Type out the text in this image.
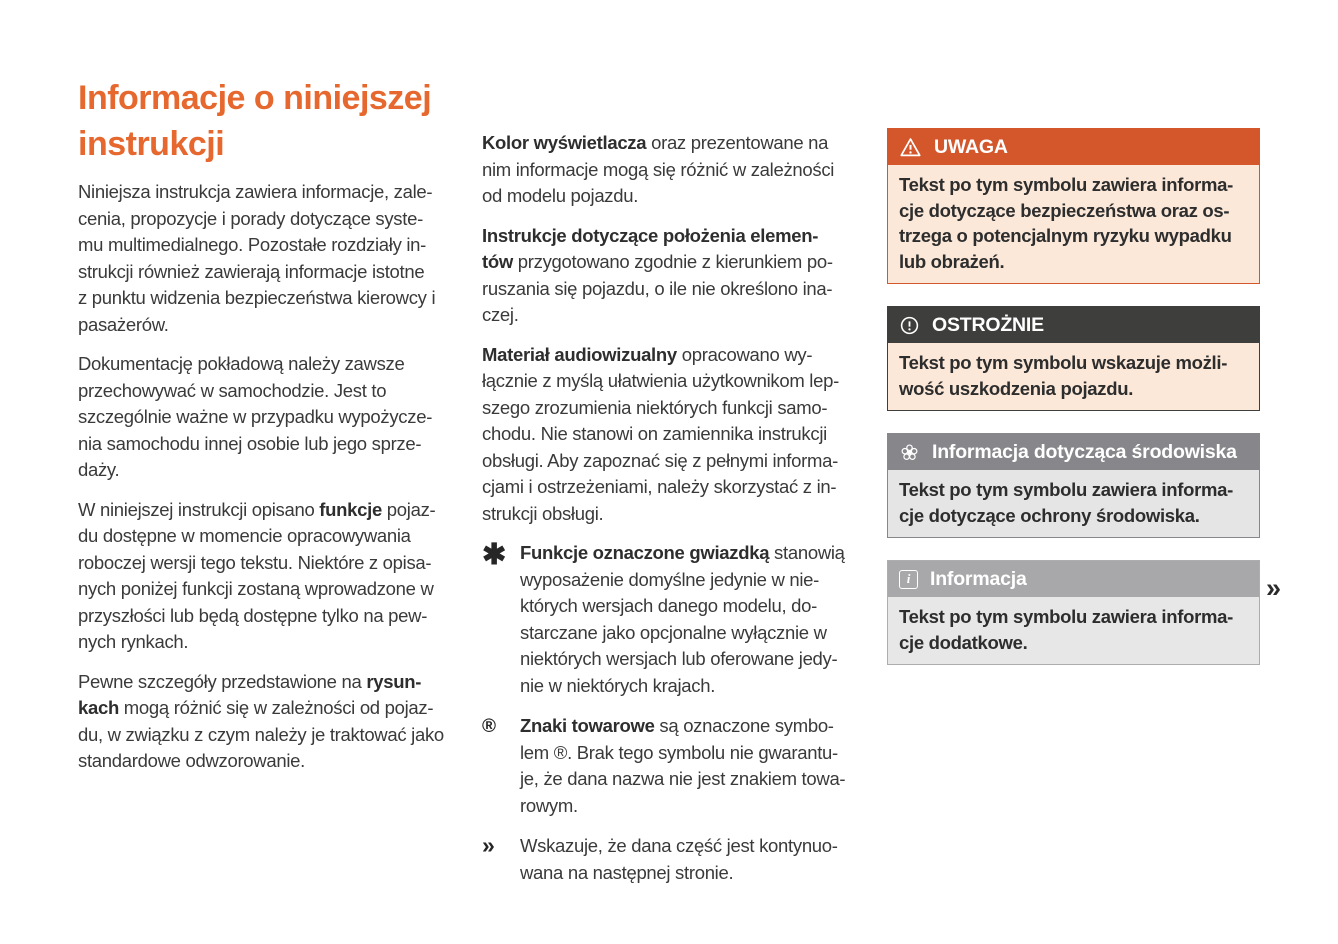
Informacje o niniejszej
instrukcji
Niniejsza instrukcja zawiera informacje, zale-
cenia, propozycje i porady dotyczące syste-
mu multimedialnego. Pozostałe rozdziały in-
strukcji również zawierają informacje istotne
z punktu widzenia bezpieczeństwa kierowcy i
pasażerów.
Dokumentację pokładową należy zawsze
przechowywać w samochodzie. Jest to
szczególnie ważne w przypadku wypożycze-
nia samochodu innej osobie lub jego sprze-
daży.
W niniejszej instrukcji opisano funkcje pojaz-
du dostępne w momencie opracowywania
roboczej wersji tego tekstu. Niektóre z opisa-
nych poniżej funkcji zostaną wprowadzone w
przyszłości lub będą dostępne tylko na pew-
nych rynkach.
Pewne szczegóły przedstawione na rysun-
kach mogą różnić się w zależności od pojaz-
du, w związku z czym należy je traktować jako
standardowe odwzorowanie.
Kolor wyświetlacza oraz prezentowane na
nim informacje mogą się różnić w zależności
od modelu pojazdu.
Instrukcje dotyczące położenia elemen-
tów przygotowano zgodnie z kierunkiem po-
ruszania się pojazdu, o ile nie określono ina-
czej.
Materiał audiowizualny opracowano wy-
łącznie z myślą ułatwienia użytkownikom lep-
szego zrozumienia niektórych funkcji samo-
chodu. Nie stanowi on zamiennika instrukcji
obsługi. Aby zapoznać się z pełnymi informa-
cjami i ostrzeżeniami, należy skorzystać z in-
strukcji obsługi.
✱ Funkcje oznaczone gwiazdką stanowią
wyposażenie domyślne jedynie w nie-
których wersjach danego modelu, do-
starczane jako opcjonalne wyłącznie w
niektórych wersjach lub oferowane jedy-
nie w niektórych krajach.
®	Znaki towarowe są oznaczone symbo-
lem ®. Brak tego symbolu nie gwarantu-
je, że dana nazwa nie jest znakiem towa-
rowym.
»	Wskazuje, że dana część jest kontynuo-
wana na następnej stronie.
UWAGA
Tekst po tym symbolu zawiera informa-
cje dotyczące bezpieczeństwa oraz os-
trzega o potencjalnym ryzyku wypadku
lub obrażeń.
OSTROŻNIE
Tekst po tym symbolu wskazuje możli-
wość uszkodzenia pojazdu.
Informacja dotycząca środowiska
Tekst po tym symbolu zawiera informa-
cje dotyczące ochrony środowiska.
i	Informacja
Tekst po tym symbolu zawiera informa-
cje dodatkowe.
»
